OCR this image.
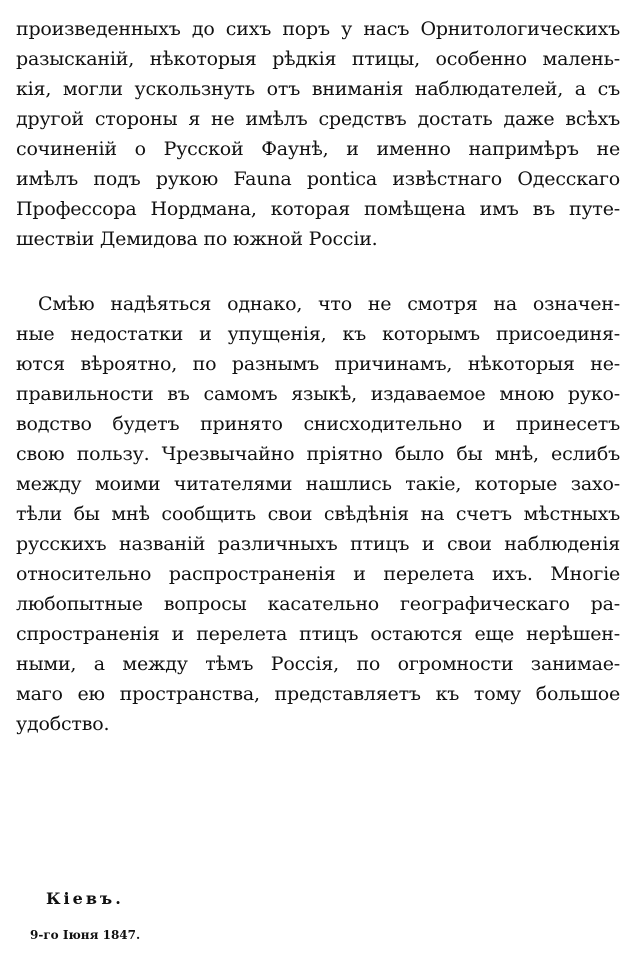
произведенныхъ до сихъ поръ у насъ Орнитологическихъ
разысканій, нѣкоторыя рѣдкія птицы, особенно малень-
кія, могли ускользнуть отъ вниманія наблюдателей, а съ
другой стороны я не имѣлъ средствъ достать даже всѣхъ
сочиненій о Русской Фаунѣ, и именно напримѣръ не
имѣлъ подъ рукою Fauna pontica извѣстнаго Одесскаго
Профессора Нордмана, которая помѣщена имъ въ путе-
шествіи Демидова по южной Россіи.
Смѣю надѣяться однако, что не смотря на означен-
ные недостатки и упущенія, къ которымъ присоединя-
ются вѣроятно, по разнымъ причинамъ, нѣкоторыя не-
правильности въ самомъ языкѣ, издаваемое мною руко-
водство будетъ принято снисходительно и принесетъ
свою пользу. Чрезвычайно пріятно было бы мнѣ, еслибъ
между моими читателями нашлись такіе, которые захо-
тѣли бы мнѣ сообщить свои свѣдѣнія на счетъ мѣстныхъ
русскихъ названій различныхъ птицъ и свои наблюденія
относительно распространенія и перелета ихъ. Многіе
любопытные вопросы касательно географическаго ра-
спространенія и перелета птицъ остаются еще нерѣшен-
ными, а между тѣмъ Россія, по огромности занимае-
маго ею пространства, представляетъ къ тому большое
удобство.

Кіевъ.

9-го Іюня 1847.
